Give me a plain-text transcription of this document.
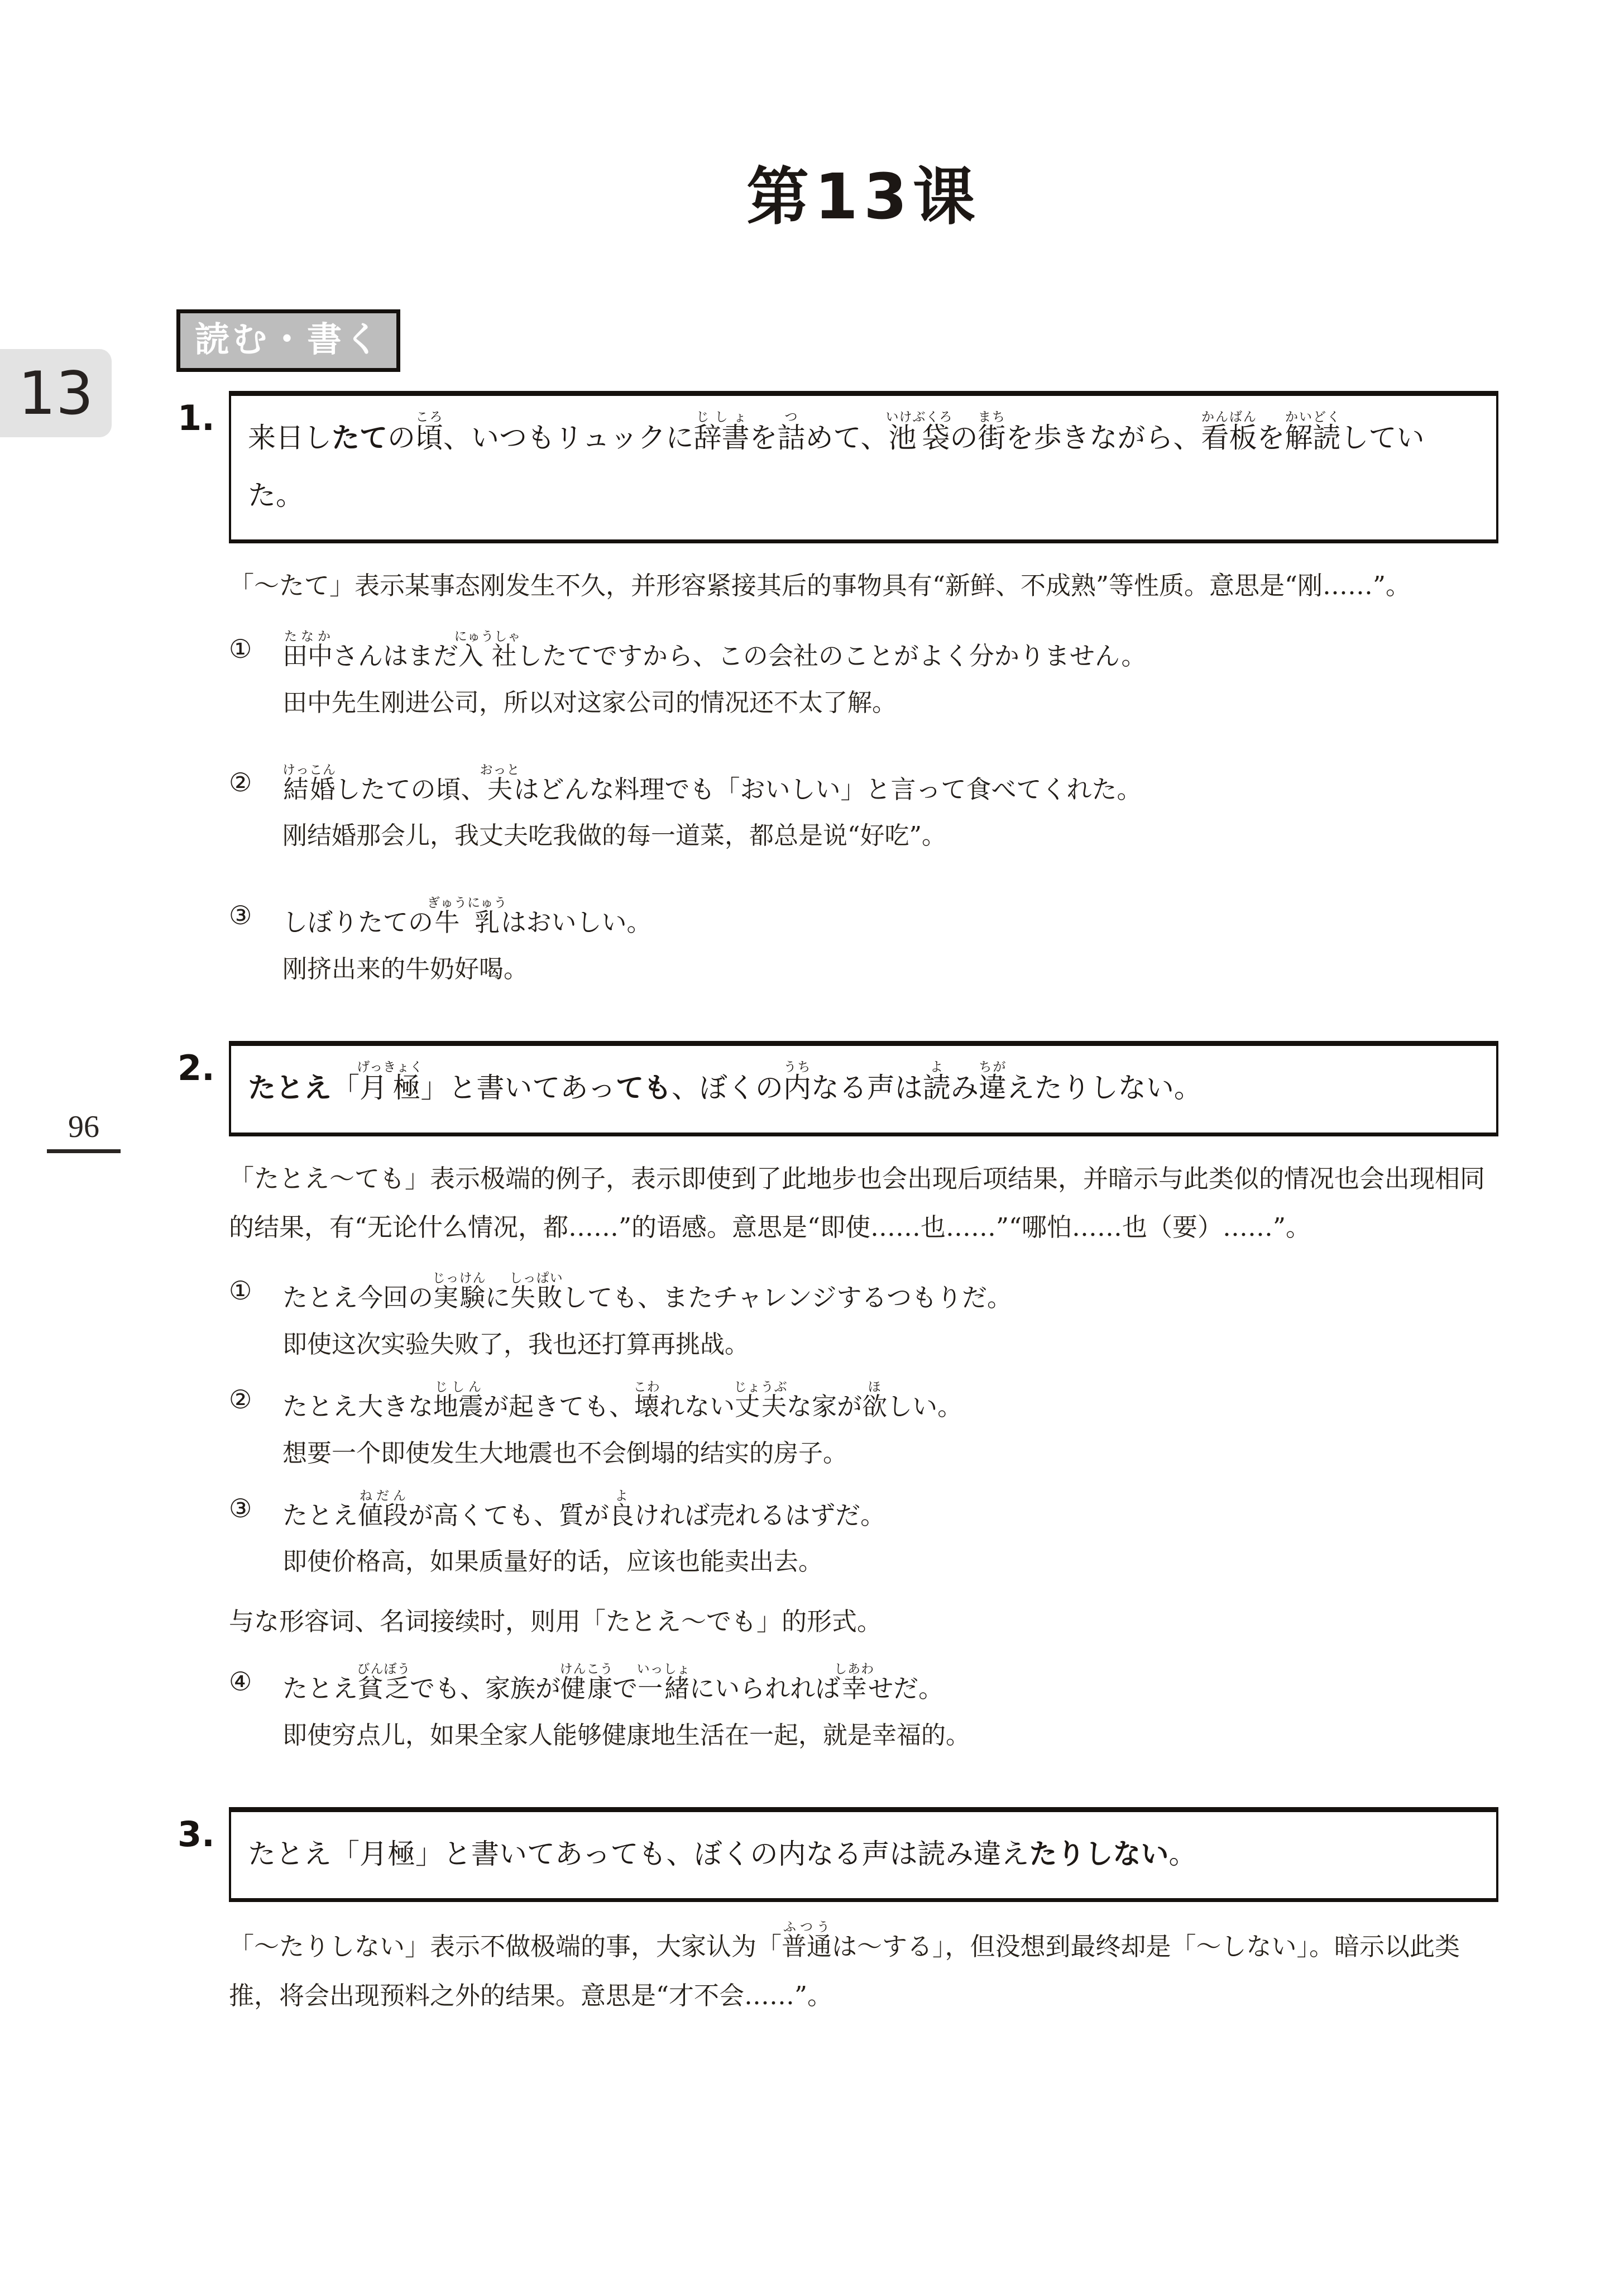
第13课
読む・書く
13
96
1.	来日したての頃ころ、いつもリュックに辞書じしょを詰つめて、池袋いけぶくろの街まちを歩きながら、看板かんばんを解読かいどくしていた。

「～たて」表示某事态刚发生不久，并形容紧接其后的事物具有“新鲜、不成熟”等性质。意思是“刚……”。

①	田中たなかさんはまだ入社にゅうしゃしたてですから、この会社のことがよく分かりません。
田中先生刚进公司，所以对这家公司的情况还不太了解。
②	結婚けっこんしたての頃、夫おっとはどんな料理でも「おいしい」と言って食べてくれた。
刚结婚那会儿，我丈夫吃我做的每一道菜，都总是说“好吃”。
③	しぼりたての牛乳ぎゅうにゅうはおいしい。
刚挤出来的牛奶好喝。
2.	たとえ「月極げっきょく」と書いてあっても、ぼくの内うちなる声は読よみ違ちがえたりしない。

「たとえ～ても」表示极端的例子，表示即使到了此地步也会出现后项结果，并暗示与此类似的情况也会出现相同的结果，有“无论什么情况，都……”的语感。意思是“即使……也……”“哪怕……也（要）……”。

①	たとえ今回の実験じっけんに失敗しっぱいしても、またチャレンジするつもりだ。
即使这次实验失败了，我也还打算再挑战。
②	たとえ大きな地震じしんが起きても、壊こわれない丈夫じょうぶな家が欲ほしい。
想要一个即使发生大地震也不会倒塌的结实的房子。
③	たとえ値段ねだんが高くても、質が良よければ売れるはずだ。
即使价格高，如果质量好的话，应该也能卖出去。

与な形容词、名词接续时，则用「たとえ～でも」的形式。

④	たとえ貧乏びんぼうでも、家族が健康けんこうで一緒いっしょにいられれば幸しあわせだ。
即使穷点儿，如果全家人能够健康地生活在一起，就是幸福的。
3.	たとえ「月極」と書いてあっても、ぼくの内なる声は読み違えたりしない。

「～たりしない」表示不做极端的事，大家认为「普通ふつうは～する」，但没想到最终却是「～しない」。暗示以此类推，将会出现预料之外的结果。意思是“才不会……”。
